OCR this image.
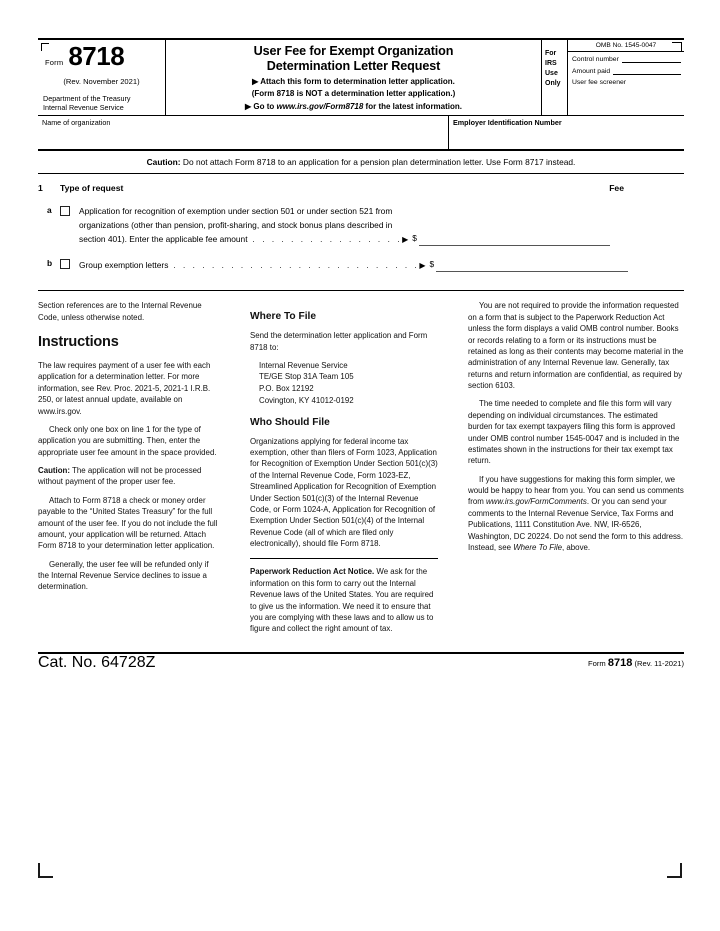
Form 8718
(Rev. November 2021)
Department of the Treasury
Internal Revenue Service
User Fee for Exempt Organization
Determination Letter Request
▶ Attach this form to determination letter application.
(Form 8718 is NOT a determination letter application.)
▶ Go to www.irs.gov/Form8718 for the latest information.
For
IRS
Use
Only
OMB No. 1545-0047
Control number
Amount paid
User fee screener
Name of organization	Employer Identification Number
Caution: Do not attach Form 8718 to an application for a pension plan determination letter. Use Form 8717 instead.
1	Type of request	Fee
a	Application for recognition of exemption under section 501 or under section 521 from
organizations (other than pension, profit-sharing, and stock bonus plans described in
section 401). Enter the applicable fee amount . . . . . . . . . . . . . . . . ▶ $
b	Group exemption letters . . . . . . . . . . . . . . . . . . . . . . . . . . ▶ $

Section references are to the Internal Revenue Code, unless otherwise noted.

Instructions

The law requires payment of a user fee with each application for a determination letter. For more information, see Rev. Proc. 2021-5, 2021-1 I.R.B. 250, or latest annual update, available on www.irs.gov.

Check only one box on line 1 for the type of application you are submitting. Then, enter the appropriate user fee amount in the space provided.

Caution: The application will not be processed without payment of the proper user fee.

Attach to Form 8718 a check or money order payable to the “United States Treasury” for the full amount of the user fee. If you do not include the full amount, your application will be returned. Attach Form 8718 to your determination letter application.

Generally, the user fee will be refunded only if the Internal Revenue Service declines to issue a determination.

Where To File

Send the determination letter application and Form 8718 to:

Internal Revenue Service
TE/GE Stop 31A Team 105
P.O. Box 12192
Covington, KY 41012-0192
Who Should File

Organizations applying for federal income tax exemption, other than filers of Form 1023, Application for Recognition of Exemption Under Section 501(c)(3) of the Internal Revenue Code, Form 1023-EZ, Streamlined Application for Recognition of Exemption Under Section 501(c)(3) of the Internal Revenue Code, or Form 1024-A, Application for Recognition of Exemption Under Section 501(c)(4) of the Internal Revenue Code (all of which are filed only electronically), should file Form 8718.

Paperwork Reduction Act Notice. We ask for the information on this form to carry out the Internal Revenue laws of the United States. You are required to give us the information. We need it to ensure that you are complying with these laws and to allow us to figure and collect the right amount of tax.

You are not required to provide the information requested on a form that is subject to the Paperwork Reduction Act unless the form displays a valid OMB control number. Books or records relating to a form or its instructions must be retained as long as their contents may become material in the administration of any Internal Revenue law. Generally, tax returns and return information are confidential, as required by section 6103.

The time needed to complete and file this form will vary depending on individual circumstances. The estimated burden for tax exempt taxpayers filing this form is approved under OMB control number 1545-0047 and is included in the estimates shown in the instructions for their tax exempt tax return.

If you have suggestions for making this form simpler, we would be happy to hear from you. You can send us comments from www.irs.gov/FormComments. Or you can send your comments to the Internal Revenue Service, Tax Forms and Publications, 1111 Constitution Ave. NW, IR-6526, Washington, DC 20224. Do not send the form to this address. Instead, see Where To File, above.

Cat. No. 64728Z	Form 8718 (Rev. 11-2021)
